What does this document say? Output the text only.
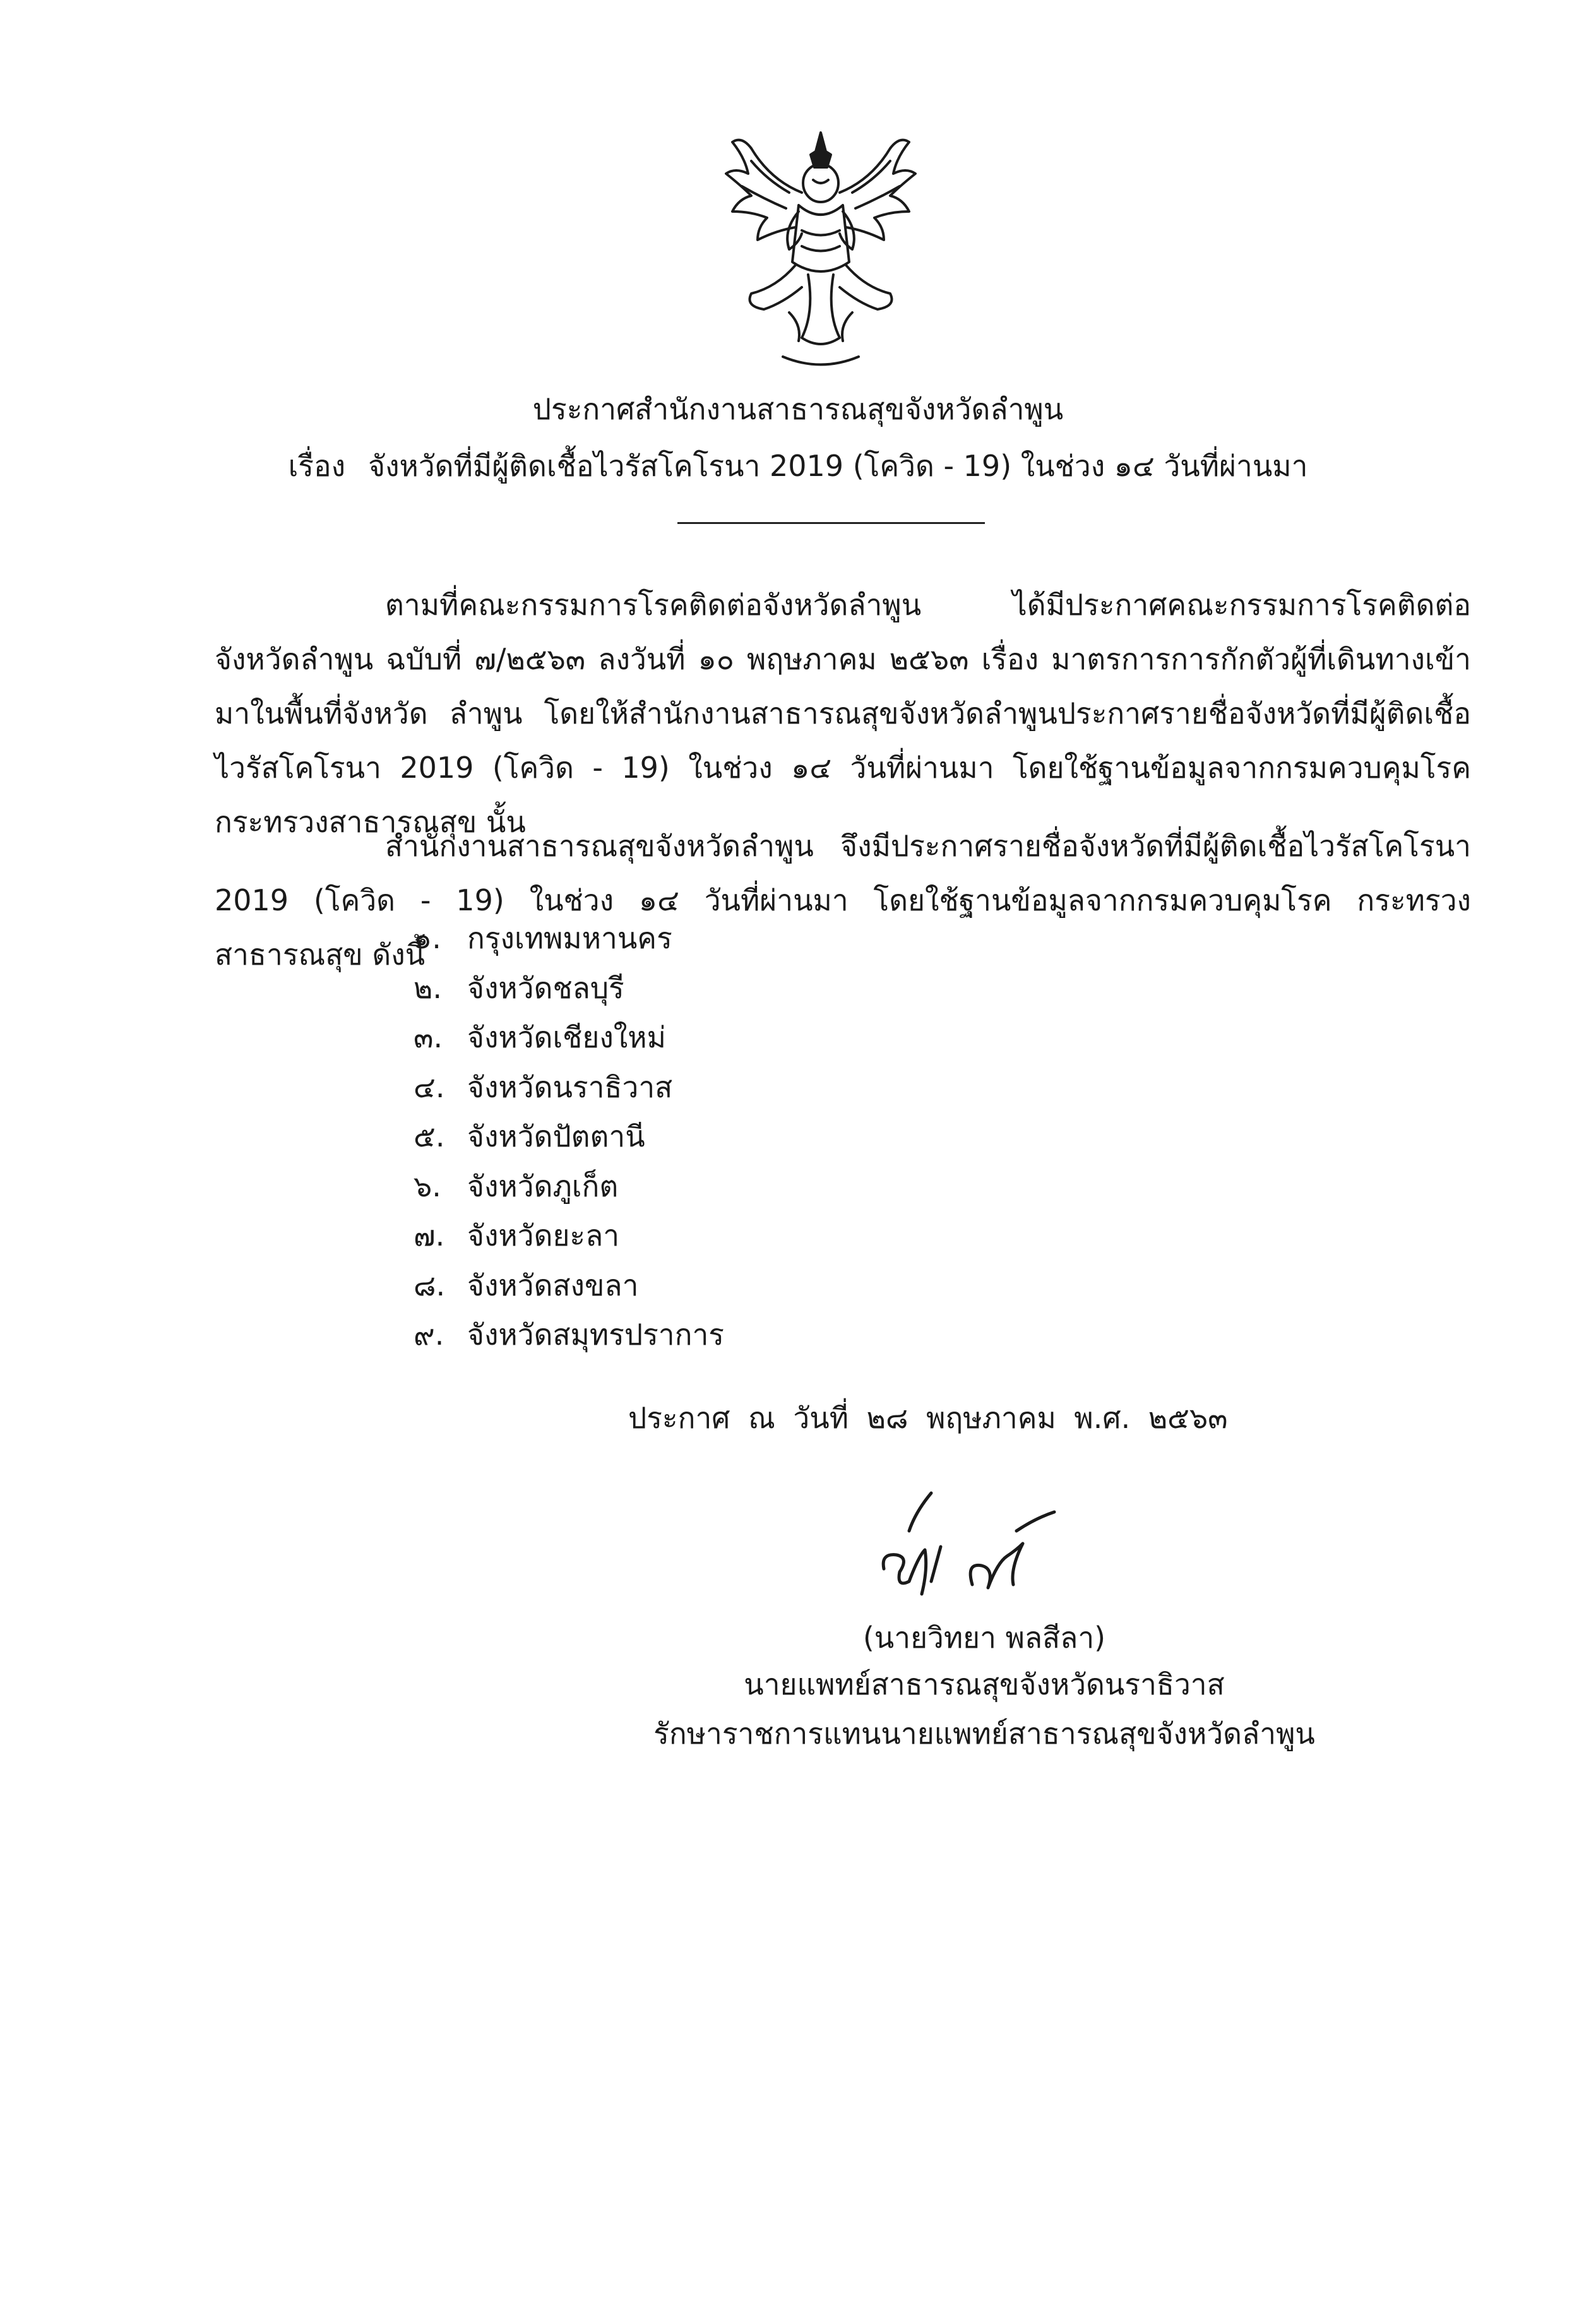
ประกาศสำนักงานสาธารณสุขจังหวัดลำพูน
เรื่อง จังหวัดที่มีผู้ติดเชื้อไวรัสโคโรนา 2019 (โควิด - 19) ในช่วง ๑๔ วันที่ผ่านมา
ตามที่คณะกรรมการโรคติดต่อจังหวัดลำพูน ได้มีประกาศคณะกรรมการโรคติดต่อจังหวัดลำพูน ฉบับที่ ๗/๒๕๖๓ ลงวันที่ ๑๐ พฤษภาคม ๒๕๖๓ เรื่อง มาตรการการกักตัวผู้ที่เดินทางเข้ามาในพื้นที่จังหวัด ลำพูน โดยให้สำนักงานสาธารณสุขจังหวัดลำพูนประกาศรายชื่อจังหวัดที่มีผู้ติดเชื้อไวรัสโคโรนา 2019 (โควิด - 19) ในช่วง ๑๔ วันที่ผ่านมา โดยใช้ฐานข้อมูลจากกรมควบคุมโรค กระทรวงสาธารณสุข นั้น
สำนักงานสาธารณสุขจังหวัดลำพูน จึงมีประกาศรายชื่อจังหวัดที่มีผู้ติดเชื้อไวรัสโคโรนา 2019 (โควิด - 19) ในช่วง ๑๔ วันที่ผ่านมา โดยใช้ฐานข้อมูลจากกรมควบคุมโรค กระทรวงสาธารณสุข ดังนี้
๑. กรุงเทพมหานคร
๒. จังหวัดชลบุรี
๓. จังหวัดเชียงใหม่
๔. จังหวัดนราธิวาส
๕. จังหวัดปัตตานี
๖. จังหวัดภูเก็ต
๗. จังหวัดยะลา
๘. จังหวัดสงขลา
๙. จังหวัดสมุทรปราการ
ประกาศ ณ วันที่ ๒๘ พฤษภาคม พ.ศ. ๒๕๖๓
(นายวิทยา พลสีลา)
นายแพทย์สาธารณสุขจังหวัดนราธิวาส
รักษาราชการแทนนายแพทย์สาธารณสุขจังหวัดลำพูน
